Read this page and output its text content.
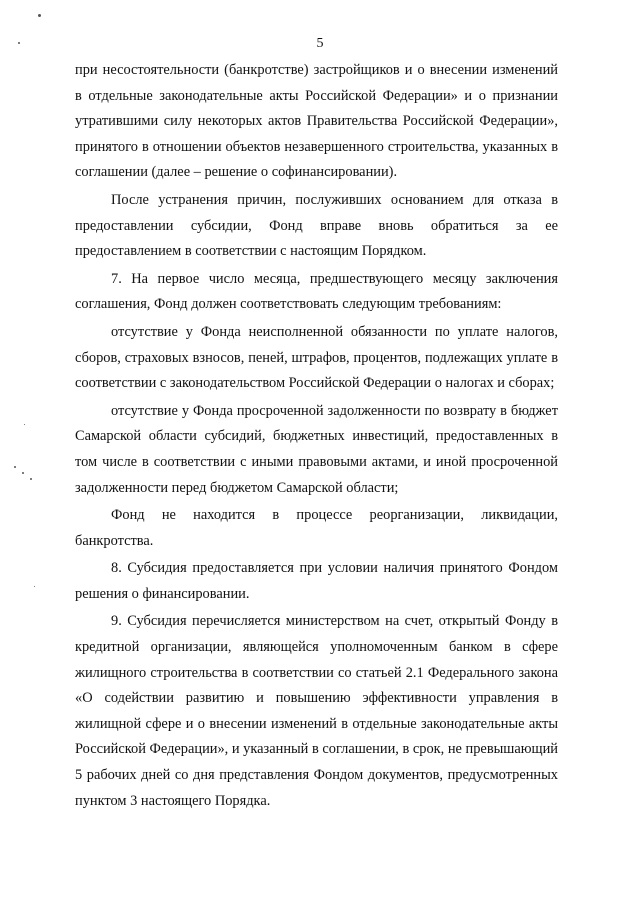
5

при несостоятельности (банкротстве) застройщиков и о внесении изменений в отдельные законодательные акты Российской Федерации» и о признании утратившими силу некоторых актов Правительства Российской Федерации», принятого в отношении объектов незавершенного строительства, указанных в соглашении (далее – решение о софинансировании).

После устранения причин, послуживших основанием для отказа в предоставлении субсидии, Фонд вправе вновь обратиться за ее предоставлением в соответствии с настоящим Порядком.

7. На первое число месяца, предшествующего месяцу заключения соглашения, Фонд должен соответствовать следующим требованиям:

отсутствие у Фонда неисполненной обязанности по уплате налогов, сборов, страховых взносов, пеней, штрафов, процентов, подлежащих уплате в соответствии с законодательством Российской Федерации о налогах и сборах;

отсутствие у Фонда просроченной задолженности по возврату в бюджет Самарской области субсидий, бюджетных инвестиций, предоставленных в том числе в соответствии с иными правовыми актами, и иной просроченной задолженности перед бюджетом Самарской области;

Фонд не находится в процессе реорганизации, ликвидации, банкротства.

8. Субсидия предоставляется при условии наличия принятого Фондом решения о финансировании.

9. Субсидия перечисляется министерством на счет, открытый Фонду в кредитной организации, являющейся уполномоченным банком в сфере жилищного строительства в соответствии со статьей 2.1 Федерального закона «О содействии развитию и повышению эффективности управления в жилищной сфере и о внесении изменений в отдельные законодательные акты Российской Федерации», и указанный в соглашении, в срок, не превышающий 5 рабочих дней со дня представления Фондом документов, предусмотренных пунктом 3 настоящего Порядка.
